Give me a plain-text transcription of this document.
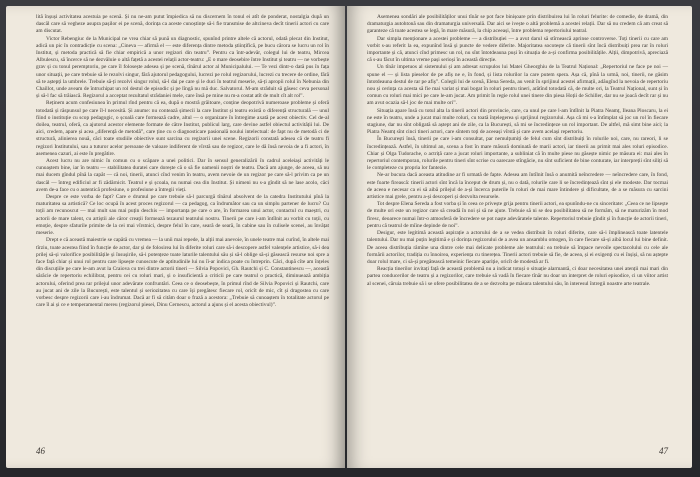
lită înșuși activitatea acestuia pe scenă. Și nu ne-am putut împiedica să nu discernem în tonul ei atît de ponderat, nostalgia după un dascăl care să vegheze asupra pașilor ei pe scenă, dorința ca aceste cunoștințe să-i fie transmise de altcineva decît tinerii actori cu care am discutat.

Victor Rebengiuc de la Municipal ne vrea chiar să pună un diagnostic, spunînd printre altele că actorul, odată plecat din Institut, adică un pic în contradicție cu scena: „Cineva — afirmă el — este diferența dintre metoda științifică, pe bucu cărora se lucru un rol în Institut, și metoda practică să fie chiar empirică a unor regizori din teatru”. Pentru ca într-adevăr, colegul lui de teatru, Mircea Albulescu, să încerce să ne dezvăluie o altă fațetă a acestei relații actor-teatru: „E o mare deosebire între Institut și teatru — ne vorbește grav și cu tonul peremptoriu, pe care îl folosește adesea și pe scenă, tînărul actor al Municipalului. — Te vezi dintr-o dată pus în fața unor situații, pe care trebuie să le rezolvi singur, fără ajutorul pedagogului, lucrezi pe rolul regizorului, lucrezi cu trecere de ordine, fără să te aștepți la umbrele. Trebuie să-ți rezolvi singur rolul, să-l dai pe care și le duci în teatrul meserie, să-ți apropii rolul în Nebunia din Chaillot, unde aveam de întruchipat un rol destul de episodic și pe lîngă nu mă duc. Salvatorul. M-am străduit să găsesc ceva personal și să-l fac să trăiască. Regizorul a acceptat rezultatul strădaniei mele, care însă pe mine nu m-a costat atît de mult cît alt rol”.

Reținem acum confesiunea în primul rînd pentru că ea, după o mostră grăitoare, conține deopotrivă numeroase probleme și oferă totodată și răspunsul pe care îl-l necesită. Și anume: nu contează șimecii la care Institut și teatru există o diferență structurală — unul fiind o instituție cu scop pedagogic, o școală care formează cadre, altul — o organizare în întregime axată pe acest obiectiv. Cel de-al doilea, teatrul, oferă, ca ajutorul acestor elemente formate de către Institut, publicul larg, care devine astfel obiectul activității lui. De aici, credem, apare și acea „diferență de metodă”, care ține cu o diagnosticare pasională noului intelectual: de fapt nu de metodă ci de structură, alinierea nouă, căci toate studiile obiective sunt sarcina cu regizorii unei scene. Regizorii constată adesea că de teatru fi regizori Institutului, sau a tuturor acelor persoane de valoare indiferent de vîrstă sau de regizor, care le dă însă nevoia de a fi actori, în asemenea cazuri, ai este în pregătire.

Acest lucru nu are nimic în comun cu o scăpare a unei politici. Dar în sensul generalizării în cadrul aceleiași activități le cunoaștem bine, iar în teatru — stabilitatea duratei care dorește că o să fie oamenii noștri de teatru. Dacă am ajunge, de aceea, să nu mai ducem gîndul pînă la capăt — că noi, tinerii, atunci cînd venim în teatru, avem nevoie de un regizor pe care să-l privim ca pe un dascăl — întreg edificiul ar fi zădărnicit. Teatrul e și școala, nu numai cea din Institut. Și nimeni nu s-a gîndit să ne lase acolo, căci avem de-a face cu o autentică profesiune, o profesiune a întregii vieți.

Despre ce este vorba de fapt? Care e drumul pe care trebuie să-l parcurgă tînărul absolvent de la catedra Institutului pînă la maturitatea sa artistică? Ce loc ocupă în acest proces regizorul — ca pedagog, ca îndrumător sau ca un simplu partener de lucru? Cu toții am recunoscut — mai mult sau mai puțin deschis — importanța pe care o are, în formarea unui actor, contactul cu maeștri, cu actorii de mare talent, cu artiștii ale căror creații formează tezaurul teatrului nostru. Tinerii pe care i-am întîlnit au vorbit cu toții, cu emoție, despre sfaturile primite de la cei mai vîrstnici, despre felul în care, seară de seară, în cabine sau în culisele scenei, au învățat meserie.

Drept e că această maiestrie se capătă cu vremea — la unii mai repede, la alții mai anevoie, în unele teatre mai curînd, în altele mai tîrziu, toate acestea fiind în funcție de actor, dar și de folosirea lui în diferite roluri care să-i descopere astfel valențele artistice, să-i dea prilej să-și valorifice posibilitățile și însușirile, să-i potențeze toate laturile talentului său și să-l oblige să-și găsească resurse noi spre a face față chiar și unui rol pentru care lipsește cunoscute de aptitudinile lui nu îi-ar indica poate cu întreprin. Căci, după cîte am înțeles din discuțiile pe care le-am avut la Craiova cu trei dintre actorii tineri — Silvia Popovici, Gh. Rautchi și C. Constantinescu —, această sărăcie de repertoriu echilibrat, pentru cei cu roluri mari, și o insuficientă a criticii pe care teatrul o practică, diminuează ambiția actorului, oferind prea rar prilejul unor adevărate confruntări. Ceea ce o deosebește, în primul rînd de Silvia Popovici și Rautchi, care au jucat ani de zile la București, este talentul și seriozitatea cu care își pregătesc fiecare rol, oricît de mic, cît și dragostea cu care vorbesc despre regizorii care i-au îndrumat. Dacă ar fi să cităm doar o frază a acestora: „Trebuie să cunoaștem în totalitate actorul pe care îl ai și ce e temperamental mereu (regizorul piesei, Dinu Cernescu, actorul a ajuns și el acesta obiectivul)”.

46

Asemenea sondări ale posibilităților unui tînăr se pot face binișoare prin distribuirea lui în roluri felurite: de comedie, de dramă, din dramaturgia autohtonă sau din dramaturgia universală. Dar aici se ivește o altă problemă a acestei relații. Dar să nu credem că am creat să garanteze că toate acestea se legă, în mare măsură, la chip aceeași, între problema repertoriului teatral.

Dar simpla menționare a acestei probleme — a distribuției — a avut darul să stîrnească aprinse controverse. Toți tinerii cu care am vorbit s-au referit la ea, expunînd însă și puncte de vedere diferite. Majoritatea socotește că tinerii sînt încă distribuiți prea rar în roluri importante și că, atunci cînd primesc un rol, nu sînt întotdeauna puși în situația de a-și confirma posibilitățile. Alții, dimpotrivă, apreciază că s-au făcut în ultima vreme pași serioși în această direcție.

Un tînăr impetuos al sistemului și am adresat scrupulos lui Matei Gheorghiu de la Teatrul Național: „Repertoriul ne face pe noi — spune el — și lista pieselor de pe afiș ne e, în fond, și lista rolurilor la care putem spera. Așa că, pînă la urmă, noi, tinerii, ne găsim întotdeauna destul de rar pe afiș”. Colegii lui de scenă, Elena Sereda, au venit în sprijinul acestei afirmații, adăugînd la nevoia de repertoriu nou și cerința ca acesta să fie mai variat și mai bogat în roluri pentru tineri, arătînd totodată că, de multe ori, la Teatrul Național, sunt și în comun cu roluri mai mici pe care le-am jucat. Am primit în regie rolul unei tinere din piesa Hoții de Schiller, dar nu se joacă decît rar și nu am avut ocazia să-l joc de mai multe ori”.

Situația apare însă cu totul alta la tinerii actori din provincie, care, ca unul pe care l-am întîlnit la Piatra Neamț, Ileana Ploscaru, la ei ne este în teatru, unde a jucat mai multe roluri, cu toată înțelegerea și sprijinul regizorului. Așa că mi s-a întîmplat să joc un rol în fiecare stagiune, dar nu sînt obligată să aștept ani de zile, ca la București, să mi se încredințeze un rol important. De altfel, mă simt bine aici; la Piatra Neamț sînt cinci tineri actori, care sîntem toți de aceeași vîrstă și care avem același repertoriu.

În București însă, tinerii pe care i-am consultat, par nemulțumiți de felul cum sînt distribuiți în rolurile noi, care, nu rareori, li se încredințează. Astfel, în ultimul an, scena a fost în mare măsură dominată de marii actori, iar tinerii au primit mai ales roluri episodice. Chiar și Olga Tudorache, o actriță care a jucat roluri importante, a subliniat că în multe piese nu găsește nimic pe măsura ei: mai ales în repertoriul contemporan, rolurile pentru tineri sînt scrise cu oarecare stîngăcie, nu sînt suficient de bine conturate, iar interpreții sînt siliți să le completeze cu propria lor fantezie.

Ne-ar bucura dacă aceasta atitudine ar fi urmată de fapte. Adesea am întîlnit însă o anumită neîncredere — neîncredere care, în fond, este foarte firească: tinerii actori sînt încă la început de drum și, nu o dată, rolurile care li se încredințează sînt și ele modeste. Dar tocmai de aceea e necesar ca ei să aibă prilejul de a-și încerca puterile în roluri de mai mare întindere și dificultate, de a se măsura cu sarcini artistice mai grele, pentru a-și descoperi și dezvolta resursele.

Tot despre Elena Sereda a fost vorba și în ceea ce privește grija pentru tinerii actori, ea spunîndu-ne cu sinceritate: „Ceea ce ne lipsește de multe ori este un regizor care să creadă în noi și să ne ajute. Trebuie să ni se dea posibilitatea să ne formăm, să ne maturizăm în mod firesc, deoarece numai într-o atmosferă de încredere se pot naște adevăratele talente. Repertoriul trebuie gîndit și în funcție de actorii tineri, pentru că teatrul de mîine depinde de noi”.

Desigur, este legitimă această aspirație a actorului de a se vedea distribuit în roluri diferite, care să-i împlinească toate latentele talentului. Dar nu mai puțin legitimă e și dorința regizorului de a avea un ansamblu omogen, în care fiecare să-și aibă locul lui bine definit. De aceea distribuția rămîne una dintre cele mai delicate probleme ale teatrului: ea trebuie să împace nevoile spectacolului cu cele ale formării actorilor, tradiția cu înnoirea, experiența cu tinerețea. Tinerii actori trebuie să fie, de aceea, și ei exigenți cu ei înșiși, să nu aștepte doar rolul mare, ci să-și pregătească temeinic fiecare apariție, oricît de modestă ar fi.

Reacția tinerilor invitați față de această problemă nu a indicat totuși o situație alarmantă, ci doar necesitatea unei atenții mai mari din partea conducerilor de teatru și a regizorilor, care trebuie să vadă în fiecare tînăr nu doar un interpret de roluri episodice, ci un viitor artist al scenei, căruia trebuie să i se ofere posibilitatea de a se dezvolta pe măsura talentului său, în interesul întregii noastre arte teatrale.

47
